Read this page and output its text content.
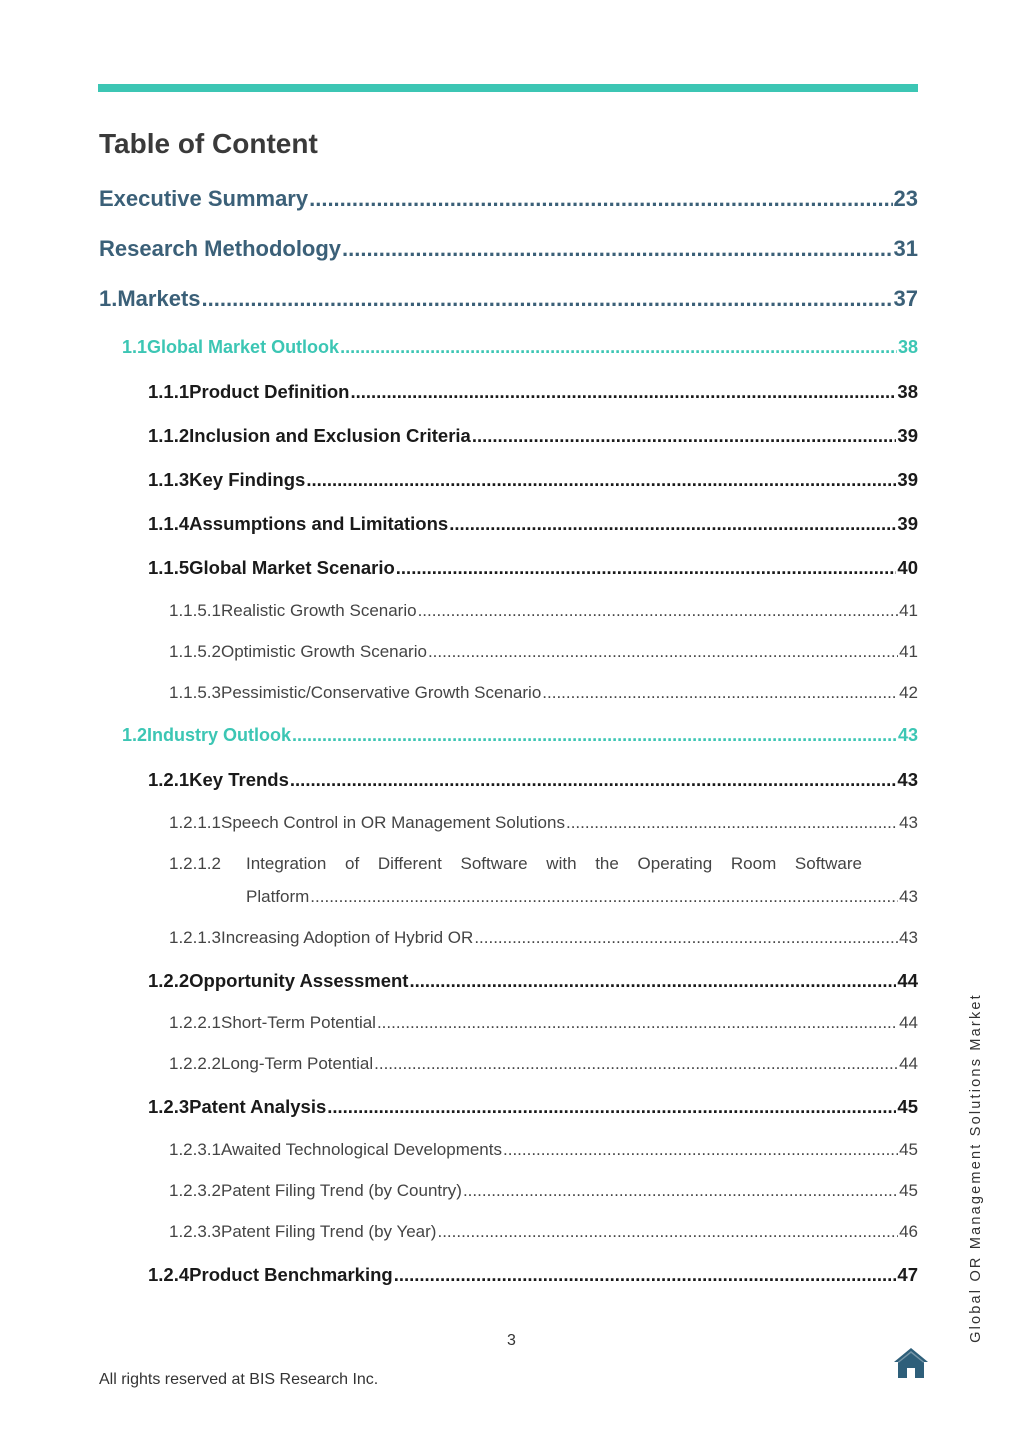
Table of Content
Executive Summary .....	23
Research Methodology .....	31
1. Markets .....	37
1.1 Global Market Outlook .....	38
1.1.1 Product Definition .....	38
1.1.2 Inclusion and Exclusion Criteria .....	39
1.1.3 Key Findings .....	39
1.1.4 Assumptions and Limitations .....	39
1.1.5 Global Market Scenario .....	40
1.1.5.1 Realistic Growth Scenario .....	41
1.1.5.2 Optimistic Growth Scenario .....	41
1.1.5.3 Pessimistic/Conservative Growth Scenario .....	42
1.2 Industry Outlook .....	43
1.2.1 Key Trends .....	43
1.2.1.1 Speech Control in OR Management Solutions .....	43
1.2.1.2	Integration of Different Software with the Operating Room Software
Platform .....	43
1.2.1.3 Increasing Adoption of Hybrid OR .....	43
1.2.2 Opportunity Assessment .....	44
1.2.2.1 Short-Term Potential .....	44
1.2.2.2 Long-Term Potential .....	44
1.2.3 Patent Analysis .....	45
1.2.3.1 Awaited Technological Developments .....	45
1.2.3.2 Patent Filing Trend (by Country) .....	45
1.2.3.3 Patent Filing Trend (by Year) .....	46
1.2.4 Product Benchmarking .....	47
3
All rights reserved at BIS Research Inc.
Global OR Management Solutions Market
